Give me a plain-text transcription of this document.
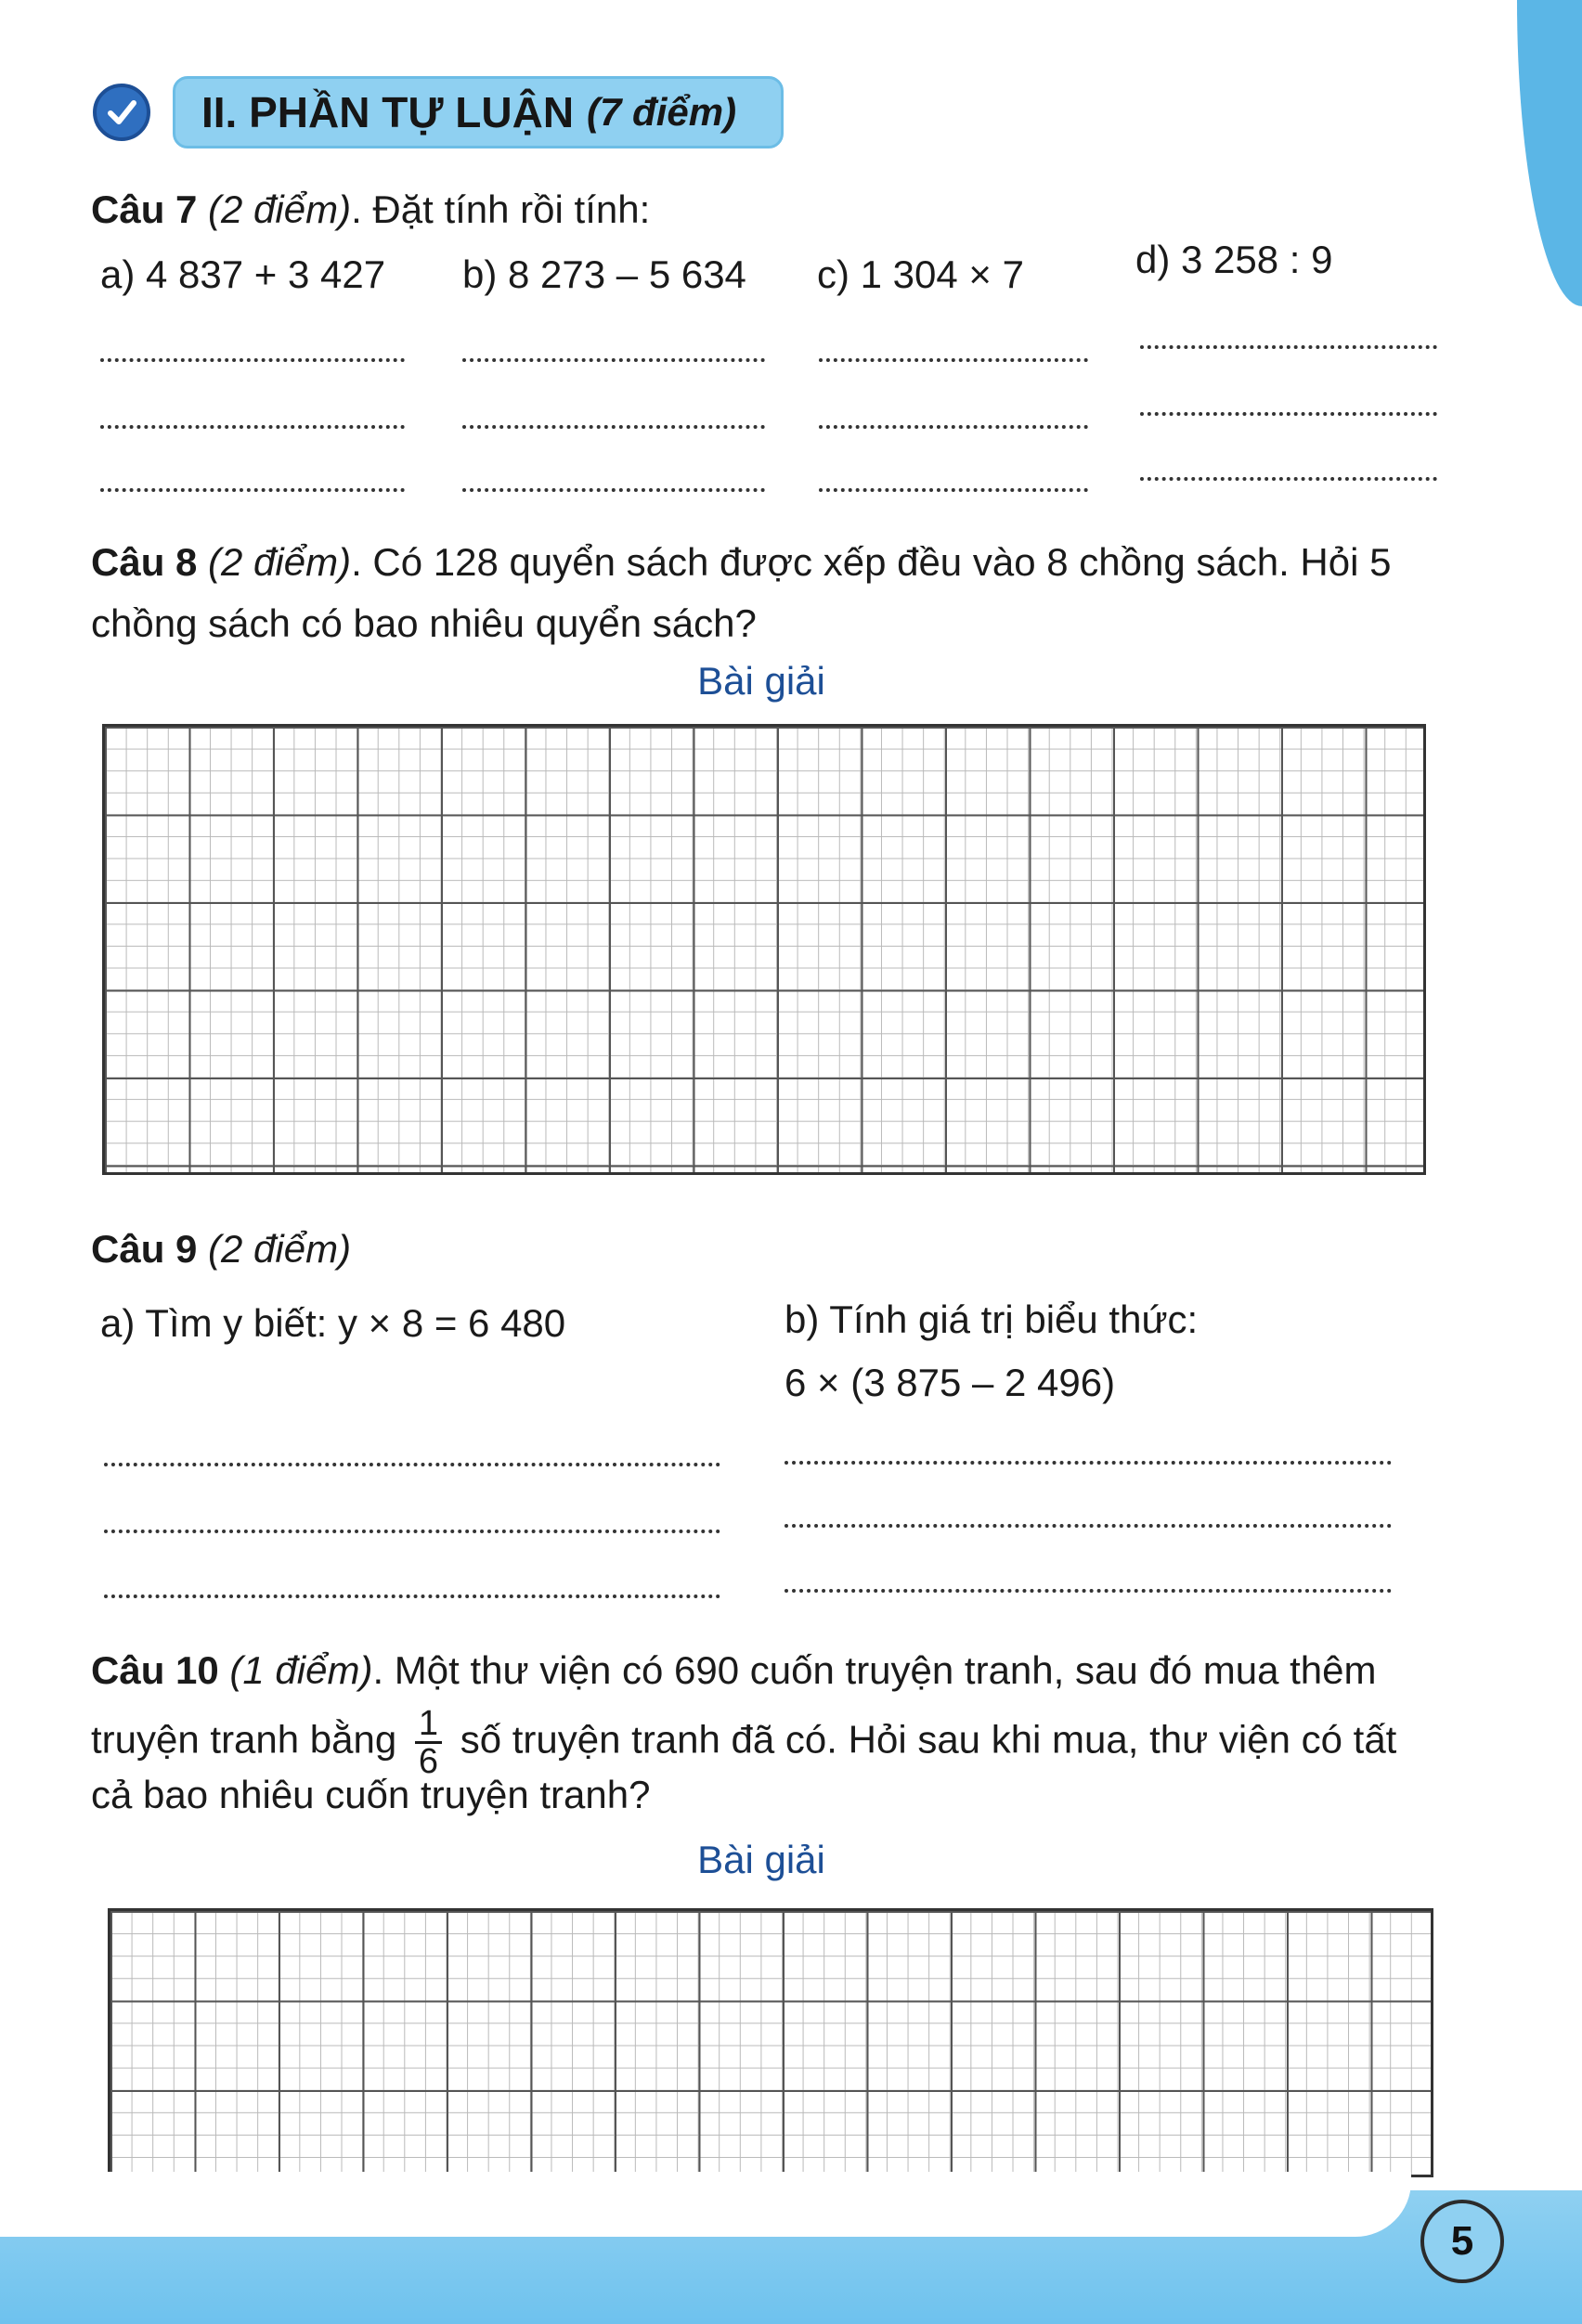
II. PHẦN TỰ LUẬN (7 điểm)
Câu 7 (2 điểm). Đặt tính rồi tính:
a) 4 837 + 3 427 b) 8 273 – 5 634 c) 1 304 × 7	d) 3 258 : 9
Câu 8 (2 điểm). Có 128 quyển sách được xếp đều vào 8 chồng sách. Hỏi 5
chồng sách có bao nhiêu quyển sách?
Bài giải
Câu 9 (2 điểm)
a) Tìm y biết: y × 8 = 6 480	b) Tính giá trị biểu thức:
6 × (3 875 – 2 496)
Câu 10 (1 điểm). Một thư viện có 690 cuốn truyện tranh, sau đó mua thêm
truyện tranh bằng $\frac{1}{6}$ số truyện tranh đã có. Hỏi sau khi mua, thư viện có tất
cả bao nhiêu cuốn truyện tranh?
Bài giải
5
